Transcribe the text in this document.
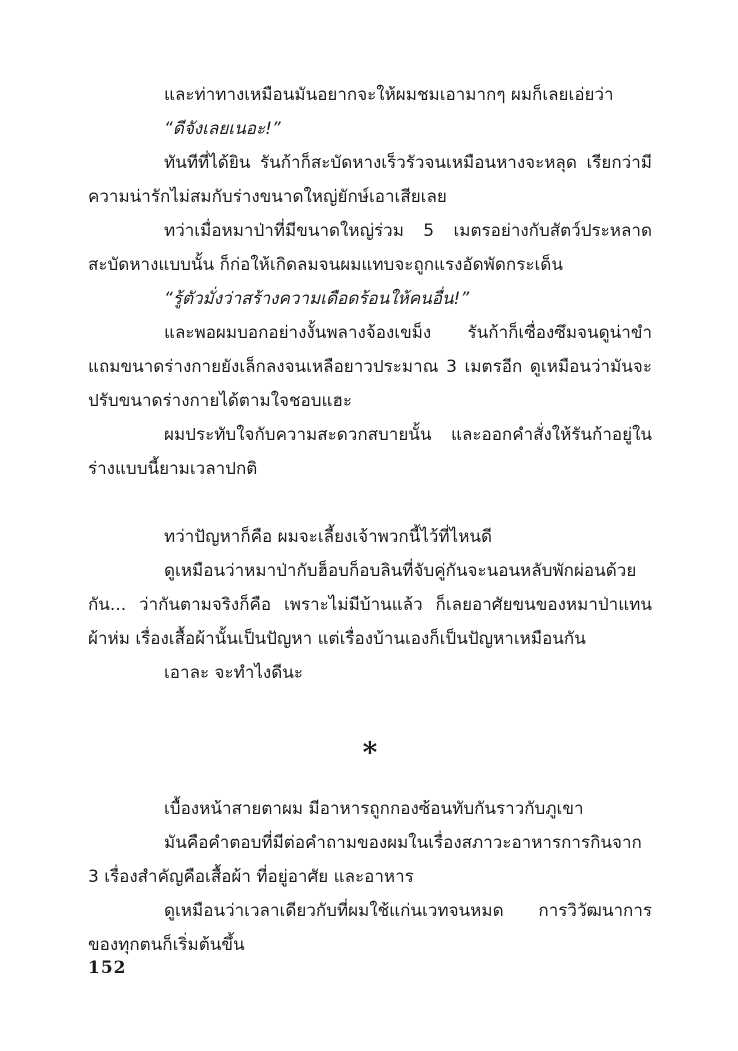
และท่าทางเหมือนมันอยากจะให้ผมชมเอามากๆ ผมก็เลยเอ่ยว่า

“ดีจังเลยเนอะ!”

ทันทีที่ได้ยิน รันก้าก็สะบัดหางเร็วรัวจนเหมือนหางจะหลุด เรียกว่ามีความน่ารักไม่สมกับร่างขนาดใหญ่ยักษ์เอาเสียเลย

ทว่าเมื่อหมาป่าที่มีขนาดใหญ่ร่วม 5 เมตรอย่างกับสัตว์ประหลาดสะบัดหางแบบนั้น ก็ก่อให้เกิดลมจนผมแทบจะถูกแรงอัดพัดกระเด็น

“รู้ตัวมั่งว่าสร้างความเดือดร้อนให้คนอื่น!”

และพอผมบอกอย่างงั้นพลางจ้องเขม็ง รันก้าก็เซื่องซึมจนดูน่าขำ แถมขนาดร่างกายยังเล็กลงจนเหลือยาวประมาณ 3 เมตรอีก ดูเหมือนว่ามันจะปรับขนาดร่างกายได้ตามใจชอบแฮะ

ผมประทับใจกับความสะดวกสบายนั้น และออกคำสั่งให้รันก้าอยู่ในร่างแบบนี้ยามเวลาปกติ

ทว่าปัญหาก็คือ ผมจะเลี้ยงเจ้าพวกนี้ไว้ที่ไหนดี

ดูเหมือนว่าหมาป่ากับฮ็อบก็อบลินที่จับคู่กันจะนอนหลับพักผ่อนด้วยกัน... ว่ากันตามจริงก็คือ เพราะไม่มีบ้านแล้ว ก็เลยอาศัยขนของหมาป่าแทนผ้าห่ม เรื่องเสื้อผ้านั้นเป็นปัญหา แต่เรื่องบ้านเองก็เป็นปัญหาเหมือนกัน

เอาละ จะทำไงดีนะ

*

เบื้องหน้าสายตาผม มีอาหารถูกกองซ้อนทับกันราวกับภูเขา

มันคือคำตอบที่มีต่อคำถามของผมในเรื่องสภาวะอาหารการกินจาก 3 เรื่องสำคัญคือเสื้อผ้า ที่อยู่อาศัย และอาหาร

ดูเหมือนว่าเวลาเดียวกับที่ผมใช้แก่นเวทจนหมด การวิวัฒนาการของทุกตนก็เริ่มต้นขึ้น

152
